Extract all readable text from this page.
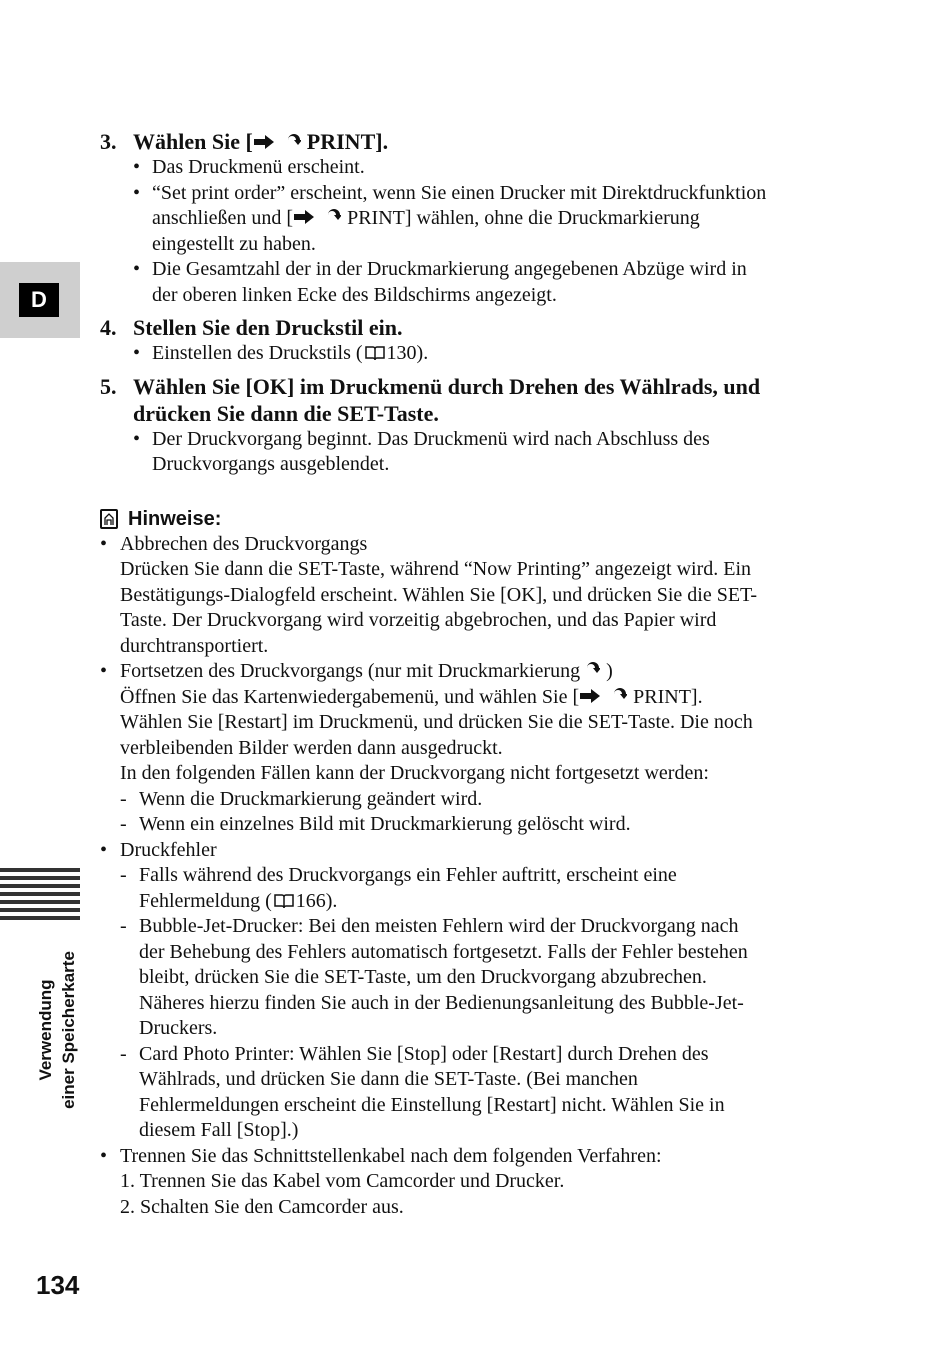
D
Verwendung einer Speicherkarte
134
3. Wählen Sie [ PRINT].
• Das Druckmenü erscheint.
• “Set print order” erscheint, wenn Sie einen Drucker mit Direktdruckfunktion
anschließen und [	PRINT] wählen, ohne die Druckmarkierung
eingestellt zu haben.
• Die Gesamtzahl der in der Druckmarkierung angegebenen Abzüge wird in
der oberen linken Ecke des Bildschirms angezeigt.
4. Stellen Sie den Druckstil ein.
• Einstellen des Druckstils ( 130).
5. Wählen Sie [OK] im Druckmenü durch Drehen des Wählrads, und
drücken Sie dann die SET-Taste.
• Der Druckvorgang beginnt. Das Druckmenü wird nach Abschluss des
Druckvorgangs ausgeblendet.
Hinweise:
• Abbrechen des Druckvorgangs
Drücken Sie dann die SET-Taste, während “Now Printing” angezeigt wird. Ein
Bestätigungs-Dialogfeld erscheint. Wählen Sie [OK], und drücken Sie die SET-
Taste. Der Druckvorgang wird vorzeitig abgebrochen, und das Papier wird
durchtransportiert.
• Fortsetzen des Druckvorgangs (nur mit Druckmarkierung )
Öffnen Sie das Kartenwiedergabemenü, und wählen Sie [	PRINT].
Wählen Sie [Restart] im Druckmenü, und drücken Sie die SET-Taste. Die noch
verbleibenden Bilder werden dann ausgedruckt.
In den folgenden Fällen kann der Druckvorgang nicht fortgesetzt werden:
- Wenn die Druckmarkierung geändert wird.
- Wenn ein einzelnes Bild mit Druckmarkierung gelöscht wird.
• Druckfehler
- Falls während des Druckvorgangs ein Fehler auftritt, erscheint eine
Fehlermeldung ( 166).
- Bubble-Jet-Drucker: Bei den meisten Fehlern wird der Druckvorgang nach
der Behebung des Fehlers automatisch fortgesetzt. Falls der Fehler bestehen
bleibt, drücken Sie die SET-Taste, um den Druckvorgang abzubrechen.
Näheres hierzu finden Sie auch in der Bedienungsanleitung des Bubble-Jet-
Druckers.
- Card Photo Printer: Wählen Sie [Stop] oder [Restart] durch Drehen des
Wählrads, und drücken Sie dann die SET-Taste. (Bei manchen
Fehlermeldungen erscheint die Einstellung [Restart] nicht. Wählen Sie in
diesem Fall [Stop].)
• Trennen Sie das Schnittstellenkabel nach dem folgenden Verfahren:
1. Trennen Sie das Kabel vom Camcorder und Drucker.
2. Schalten Sie den Camcorder aus.
